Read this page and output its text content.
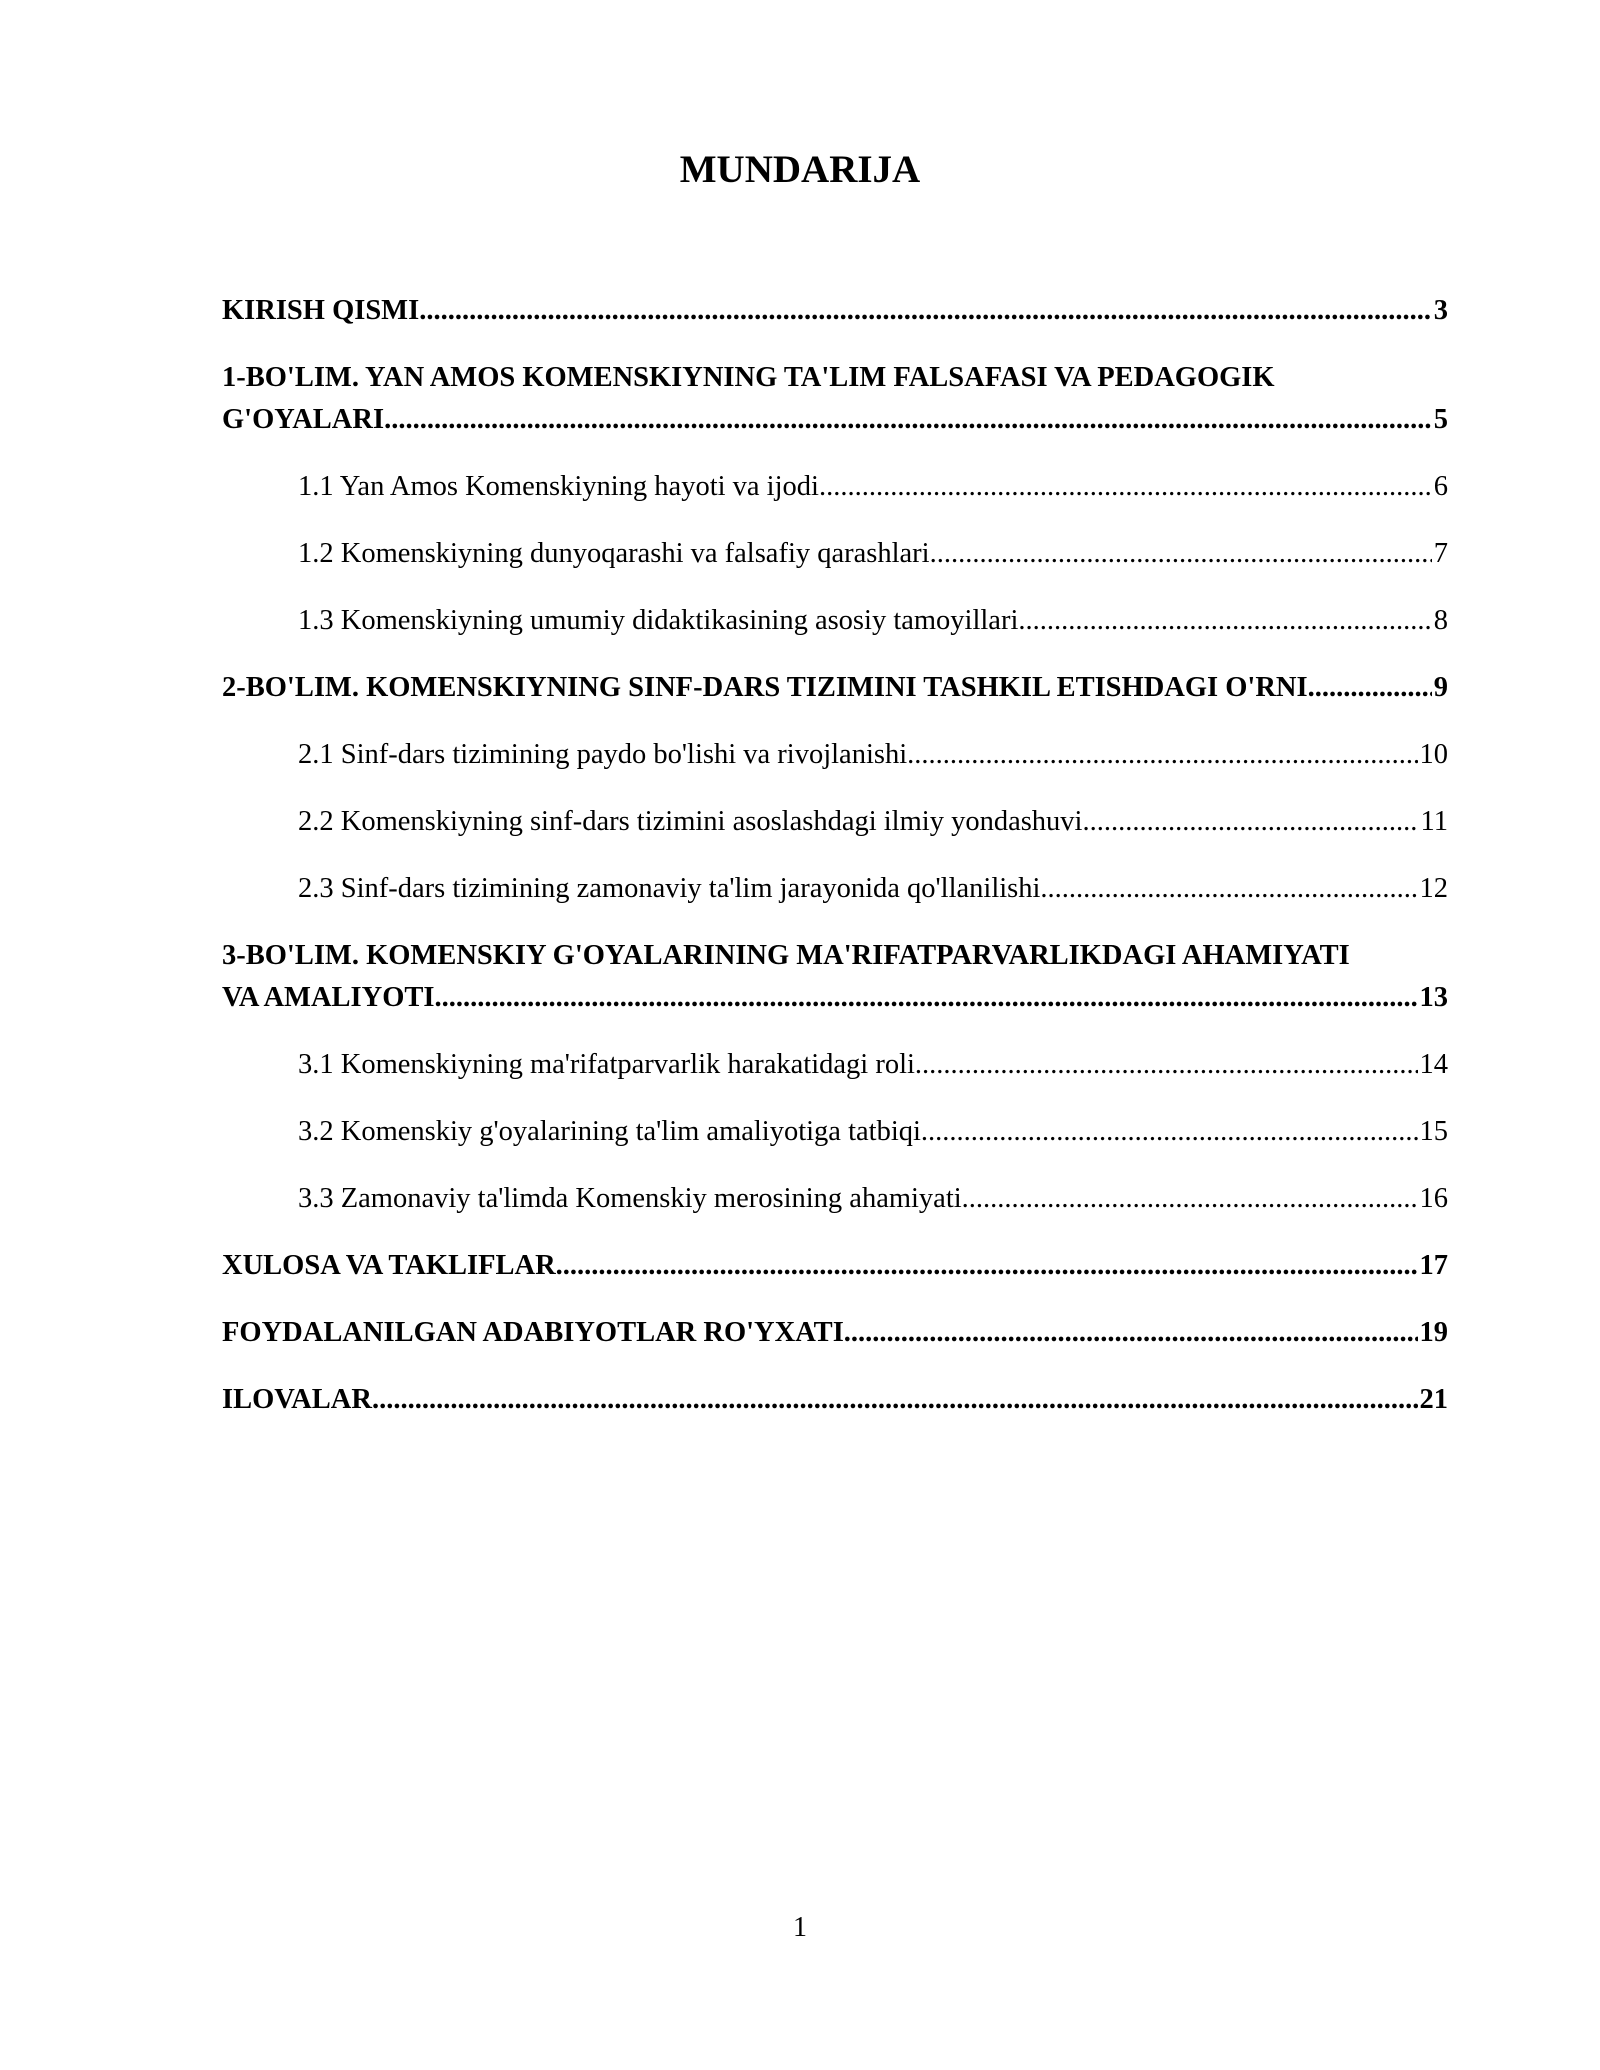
MUNDARIJA
KIRISH QISMI .....	3
1-BO'LIM. YAN AMOS KOMENSKIYNING TA'LIM FALSAFASI VA PEDAGOGIK
G'OYALARI .....	5
1.1 Yan Amos Komenskiyning hayoti va ijodi .....	6
1.2 Komenskiyning dunyoqarashi va falsafiy qarashlari .....	7
1.3 Komenskiyning umumiy didaktikasining asosiy tamoyillari .....	8
2-BO'LIM. KOMENSKIYNING SINF-DARS TIZIMINI TASHKIL ETISHDAGI O'RNI .....	9
2.1 Sinf-dars tizimining paydo bo'lishi va rivojlanishi .....	10
2.2 Komenskiyning sinf-dars tizimini asoslashdagi ilmiy yondashuvi .....	11
2.3 Sinf-dars tizimining zamonaviy ta'lim jarayonida qo'llanilishi .....	12
3-BO'LIM. KOMENSKIY G'OYALARINING MA'RIFATPARVARLIKDAGI AHAMIYATI
VA AMALIYOTI .....	13
3.1 Komenskiyning ma'rifatparvarlik harakatidagi roli .....	14
3.2 Komenskiy g'oyalarining ta'lim amaliyotiga tatbiqi .....	15
3.3 Zamonaviy ta'limda Komenskiy merosining ahamiyati .....	16
XULOSA VA TAKLIFLAR .....	17
FOYDALANILGAN ADABIYOTLAR RO'YXATI .....	19
ILOVALAR .....	21
1
